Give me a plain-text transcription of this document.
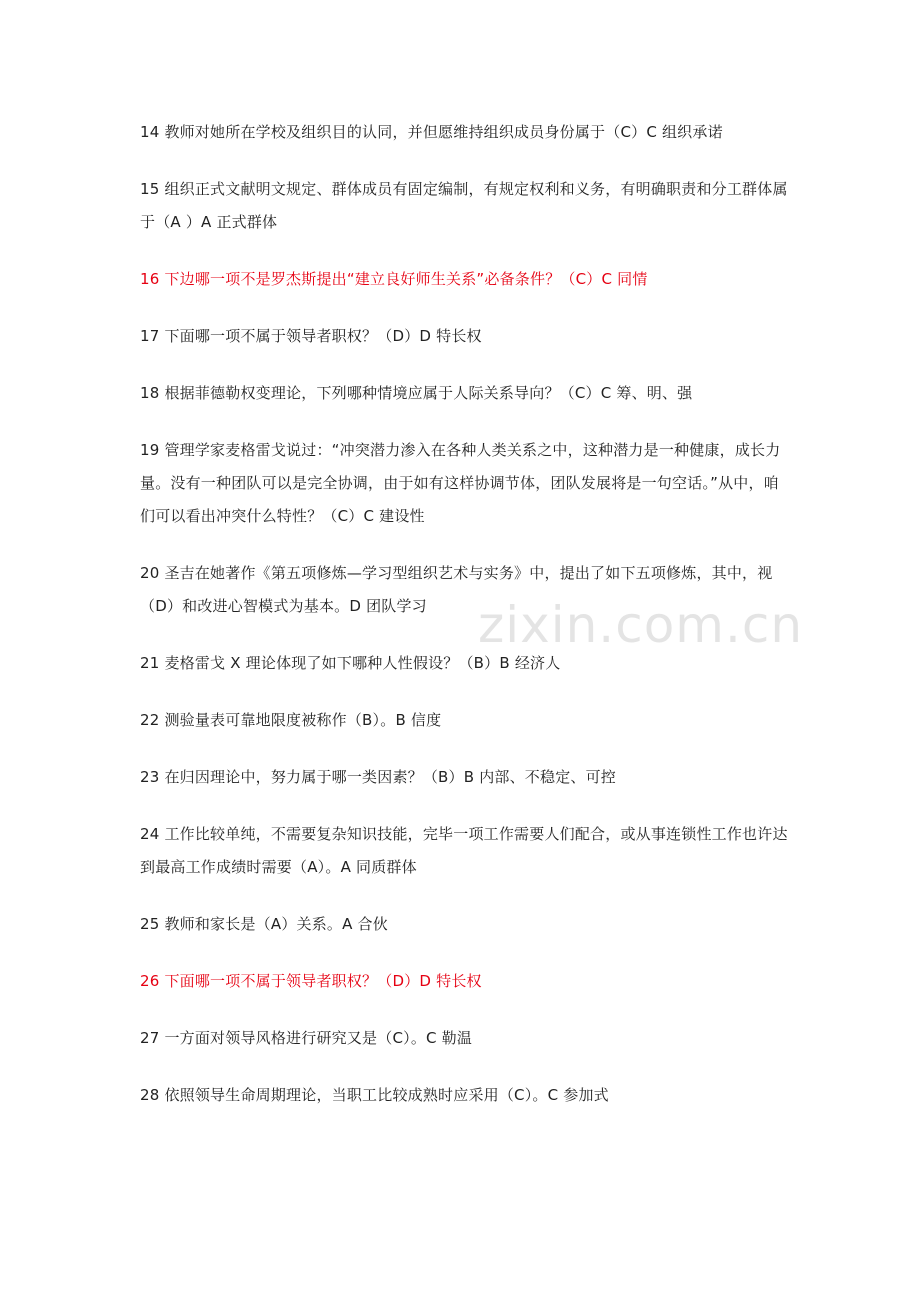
14 教师对她所在学校及组织目的认同，并但愿维持组织成员身份属于（C）C 组织承诺

15 组织正式文献明文规定、群体成员有固定编制，有规定权利和义务，有明确职责和分工群体属于（A ）A 正式群体

16 下边哪一项不是罗杰斯提出“建立良好师生关系”必备条件？（C）C 同情

17 下面哪一项不属于领导者职权？（D）D 特长权

18 根据菲德勒权变理论，下列哪种情境应属于人际关系导向？（C）C 筹、明、强

19 管理学家麦格雷戈说过：“冲突潜力渗入在各种人类关系之中，这种潜力是一种健康，成长力量。没有一种团队可以是完全协调，由于如有这样协调节体，团队发展将是一句空话。”从中，咱们可以看出冲突什么特性？（C）C 建设性

20 圣吉在她著作《第五项修炼—学习型组织艺术与实务》中，提出了如下五项修炼，其中，视（D）和改进心智模式为基本。D 团队学习

21 麦格雷戈 X 理论体现了如下哪种人性假设？（B）B 经济人

22 测验量表可靠地限度被称作（B）。B 信度

23 在归因理论中，努力属于哪一类因素？（B）B 内部、不稳定、可控

24 工作比较单纯，不需要复杂知识技能，完毕一项工作需要人们配合，或从事连锁性工作也许达到最高工作成绩时需要（A）。A 同质群体

25 教师和家长是（A）关系。A 合伙

26 下面哪一项不属于领导者职权？（D）D 特长权

27 一方面对领导风格进行研究又是（C）。C 勒温

28 依照领导生命周期理论，当职工比较成熟时应采用（C）。C 参加式

zixin.com.cn
